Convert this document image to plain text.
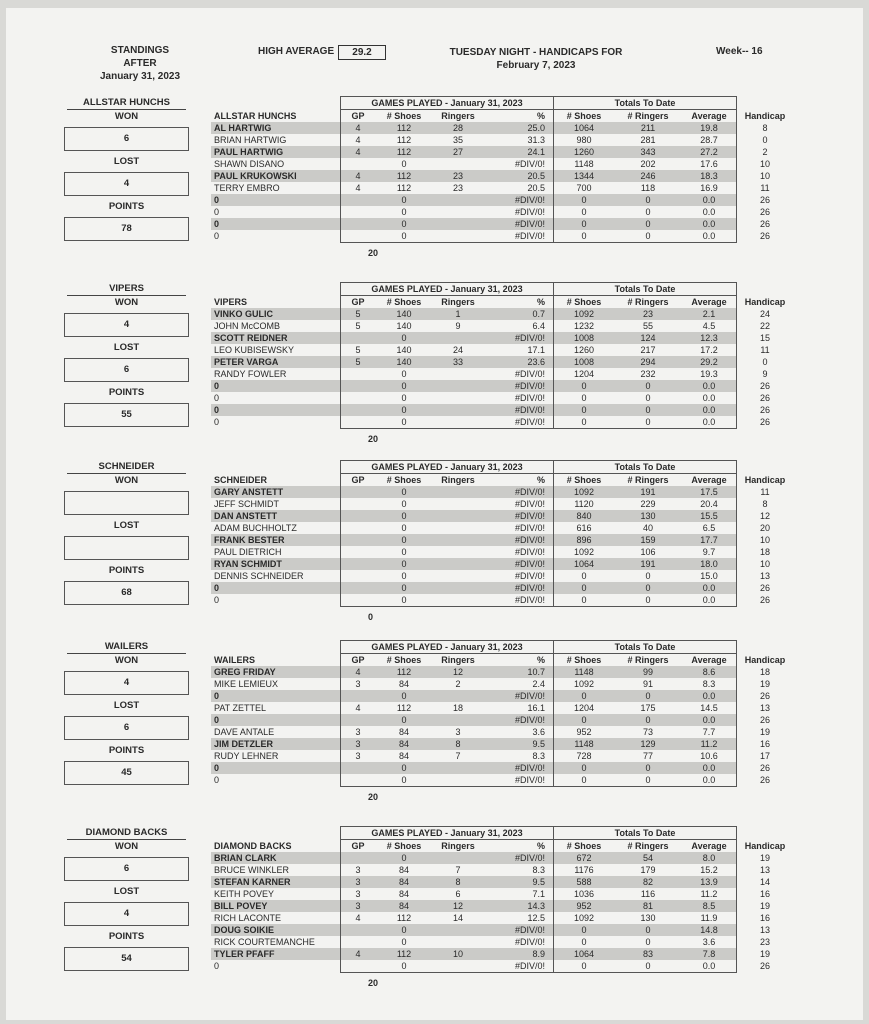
STANDINGS
AFTER
January 31, 2023
HIGH AVERAGE	29.2	TUESDAY NIGHT - HANDICAPS FOR
February 7, 2023
Week-- 16
ALLSTAR HUNCHS
WON
6
LOST
4
POINTS
78
	GAMES PLAYED - January 31, 2023				Totals To Date			
ALLSTAR HUNCHS	GP	# Shoes	Ringers	%	# Shoes	# Ringers	Average	Handicap
AL HARTWIG	4	112	28	25.0	1064	211	19.8	8
BRIAN HARTWIG	4	112	35	31.3	980	281	28.7	0
PAUL HARTWIG	4	112	27	24.1	1260	343	27.2	2
SHAWN DISANO		0		#DIV/0!	1148	202	17.6	10
PAUL KRUKOWSKI	4	112	23	20.5	1344	246	18.3	10
TERRY EMBRO	4	112	23	20.5	700	118	16.9	11
0		0		#DIV/0!	0	0	0.0	26
0		0		#DIV/0!	0	0	0.0	26
0		0		#DIV/0!	0	0	0.0	26
0		0		#DIV/0!	0	0	0.0	26
20
VIPERS
WON
4
LOST
6
POINTS
55
	GAMES PLAYED - January 31, 2023				Totals To Date			
VIPERS	GP	# Shoes	Ringers	%	# Shoes	# Ringers	Average	Handicap
VINKO GULIC	5	140	1	0.7	1092	23	2.1	24
JOHN McCOMB	5	140	9	6.4	1232	55	4.5	22
SCOTT REIDNER		0		#DIV/0!	1008	124	12.3	15
LEO KUBISEWSKY	5	140	24	17.1	1260	217	17.2	11
PETER VARGA	5	140	33	23.6	1008	294	29.2	0
RANDY FOWLER		0		#DIV/0!	1204	232	19.3	9
0		0		#DIV/0!	0	0	0.0	26
0		0		#DIV/0!	0	0	0.0	26
0		0		#DIV/0!	0	0	0.0	26
0		0		#DIV/0!	0	0	0.0	26
20
SCHNEIDER
WON
LOST
POINTS
68
	GAMES PLAYED - January 31, 2023				Totals To Date			
SCHNEIDER	GP	# Shoes	Ringers	%	# Shoes	# Ringers	Average	Handicap
GARY ANSTETT		0		#DIV/0!	1092	191	17.5	11
JEFF SCHMIDT		0		#DIV/0!	1120	229	20.4	8
DAN ANSTETT		0		#DIV/0!	840	130	15.5	12
ADAM BUCHHOLTZ		0		#DIV/0!	616	40	6.5	20
FRANK BESTER		0		#DIV/0!	896	159	17.7	10
PAUL DIETRICH		0		#DIV/0!	1092	106	9.7	18
RYAN SCHMIDT		0		#DIV/0!	1064	191	18.0	10
DENNIS SCHNEIDER		0		#DIV/0!	0	0	15.0	13
0		0		#DIV/0!	0	0	0.0	26
0		0		#DIV/0!	0	0	0.0	26
0
WAILERS
WON
4
LOST
6
POINTS
45
	GAMES PLAYED - January 31, 2023				Totals To Date			
WAILERS	GP	# Shoes	Ringers	%	# Shoes	# Ringers	Average	Handicap
GREG FRIDAY	4	112	12	10.7	1148	99	8.6	18
MIKE LEMIEUX	3	84	2	2.4	1092	91	8.3	19
0		0		#DIV/0!	0	0	0.0	26
PAT ZETTEL	4	112	18	16.1	1204	175	14.5	13
0		0		#DIV/0!	0	0	0.0	26
DAVE ANTALE	3	84	3	3.6	952	73	7.7	19
JIM DETZLER	3	84	8	9.5	1148	129	11.2	16
RUDY LEHNER	3	84	7	8.3	728	77	10.6	17
0		0		#DIV/0!	0	0	0.0	26
0		0		#DIV/0!	0	0	0.0	26
20
DIAMOND BACKS
WON
6
LOST
4
POINTS
54
	GAMES PLAYED - January 31, 2023				Totals To Date			
DIAMOND BACKS	GP	# Shoes	Ringers	%	# Shoes	# Ringers	Average	Handicap
BRIAN CLARK		0		#DIV/0!	672	54	8.0	19
BRUCE WINKLER	3	84	7	8.3	1176	179	15.2	13
STEFAN KARNER	3	84	8	9.5	588	82	13.9	14
KEITH POVEY	3	84	6	7.1	1036	116	11.2	16
BILL POVEY	3	84	12	14.3	952	81	8.5	19
RICH LACONTE	4	112	14	12.5	1092	130	11.9	16
DOUG SOIKIE		0		#DIV/0!	0	0	14.8	13
RICK COURTEMANCHE		0		#DIV/0!	0	0	3.6	23
TYLER PFAFF	4	112	10	8.9	1064	83	7.8	19
0		0		#DIV/0!	0	0	0.0	26
20
